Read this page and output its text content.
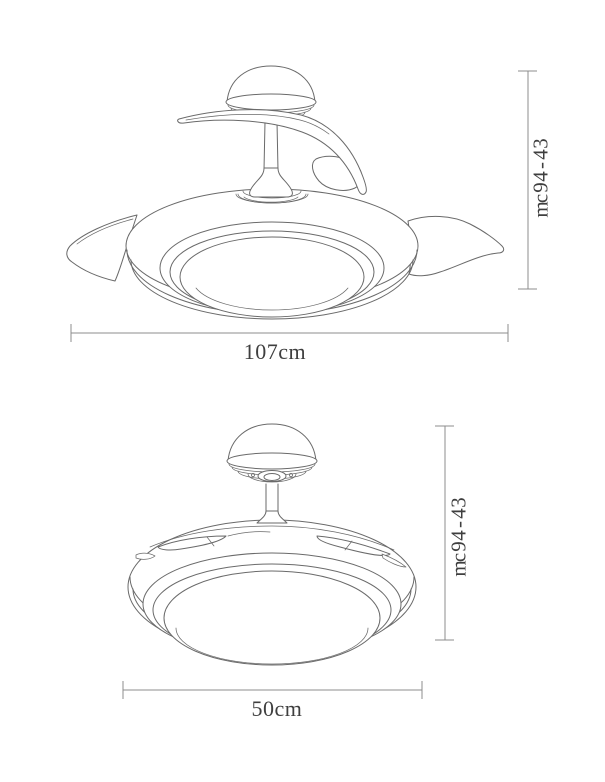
3
4
-
4
9
c
m
107cm
3
4
-
4
9
c
m
50cm
